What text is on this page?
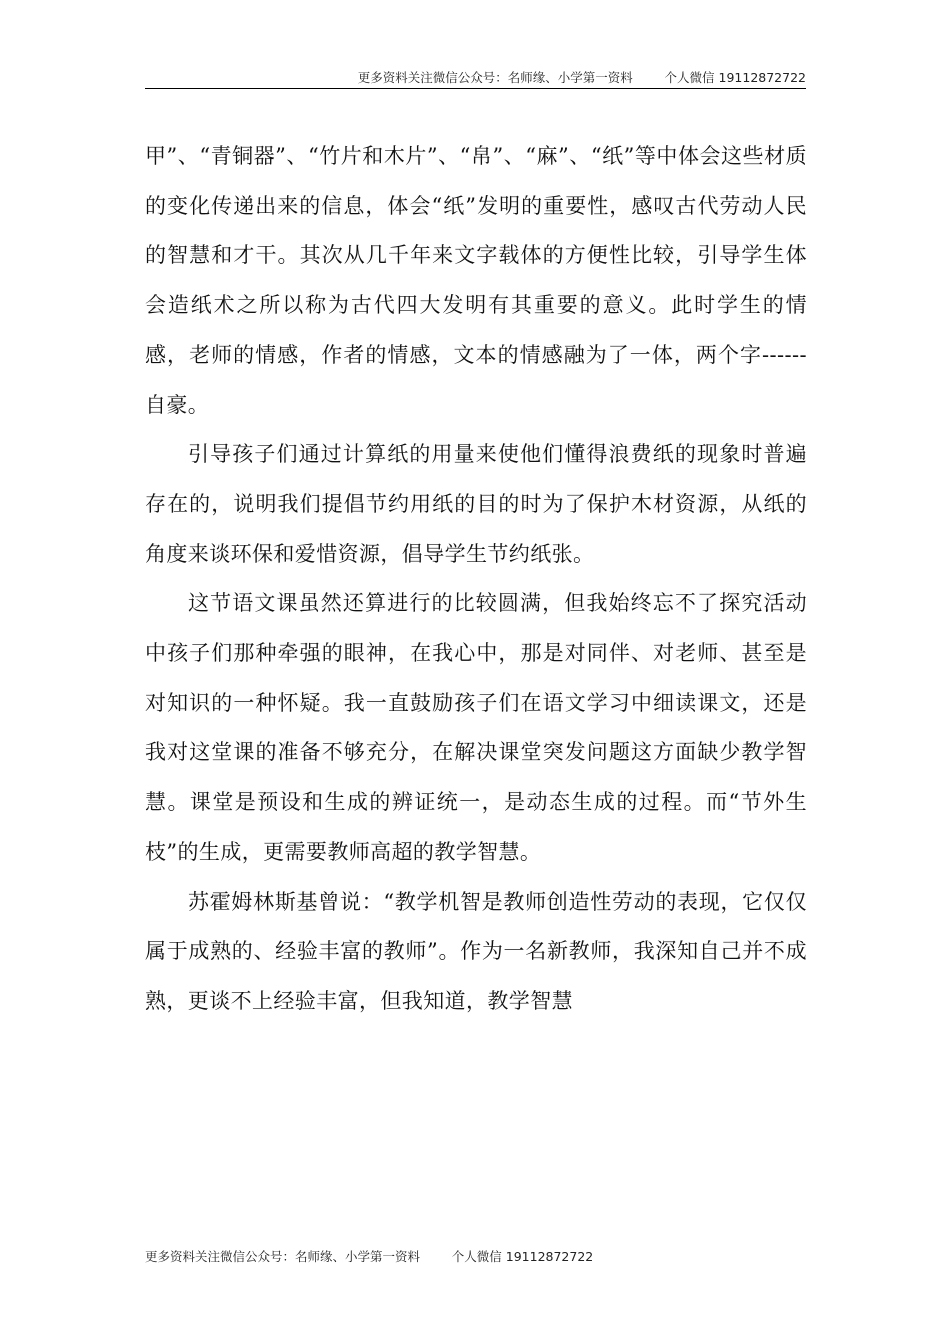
更多资料关注微信公众号：名师缘、小学第一资料        个人微信 19112872722

甲”、“青铜器”、“竹片和木片”、“帛”、“麻”、“纸”等中体会这些材质的变化传递出来的信息，体会“纸”发明的重要性，感叹古代劳动人民的智慧和才干。其次从几千年来文字载体的方便性比较，引导学生体会造纸术之所以称为古代四大发明有其重要的意义。此时学生的情感，老师的情感，作者的情感，文本的情感融为了一体，两个字------自豪。

引导孩子们通过计算纸的用量来使他们懂得浪费纸的现象时普遍存在的，说明我们提倡节约用纸的目的时为了保护木材资源，从纸的角度来谈环保和爱惜资源，倡导学生节约纸张。

这节语文课虽然还算进行的比较圆满，但我始终忘不了探究活动中孩子们那种牵强的眼神，在我心中，那是对同伴、对老师、甚至是对知识的一种怀疑。我一直鼓励孩子们在语文学习中细读课文，还是我对这堂课的准备不够充分，在解决课堂突发问题这方面缺少教学智慧。课堂是预设和生成的辨证统一，是动态生成的过程。而“节外生枝”的生成，更需要教师高超的教学智慧。

苏霍姆林斯基曾说：“教学机智是教师创造性劳动的表现，它仅仅属于成熟的、经验丰富的教师”。作为一名新教师，我深知自己并不成熟，更谈不上经验丰富，但我知道，教学智慧

更多资料关注微信公众号：名师缘、小学第一资料        个人微信 19112872722
